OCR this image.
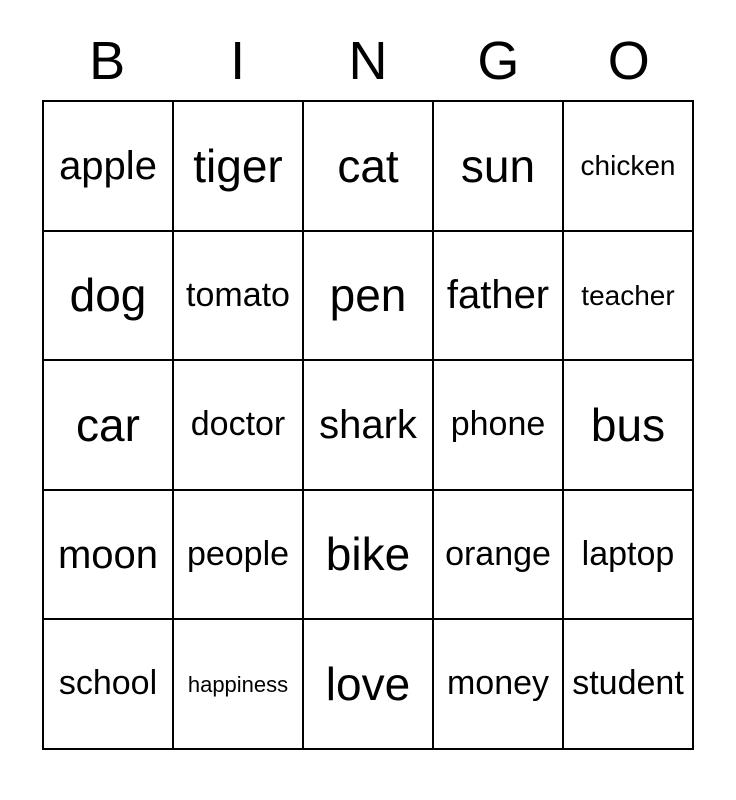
B	I	N	G	O
apple tiger cat sun chicken
dog tomato pen father teacher
car doctor shark phone bus
moon people bike orange laptop
school happiness love money student
